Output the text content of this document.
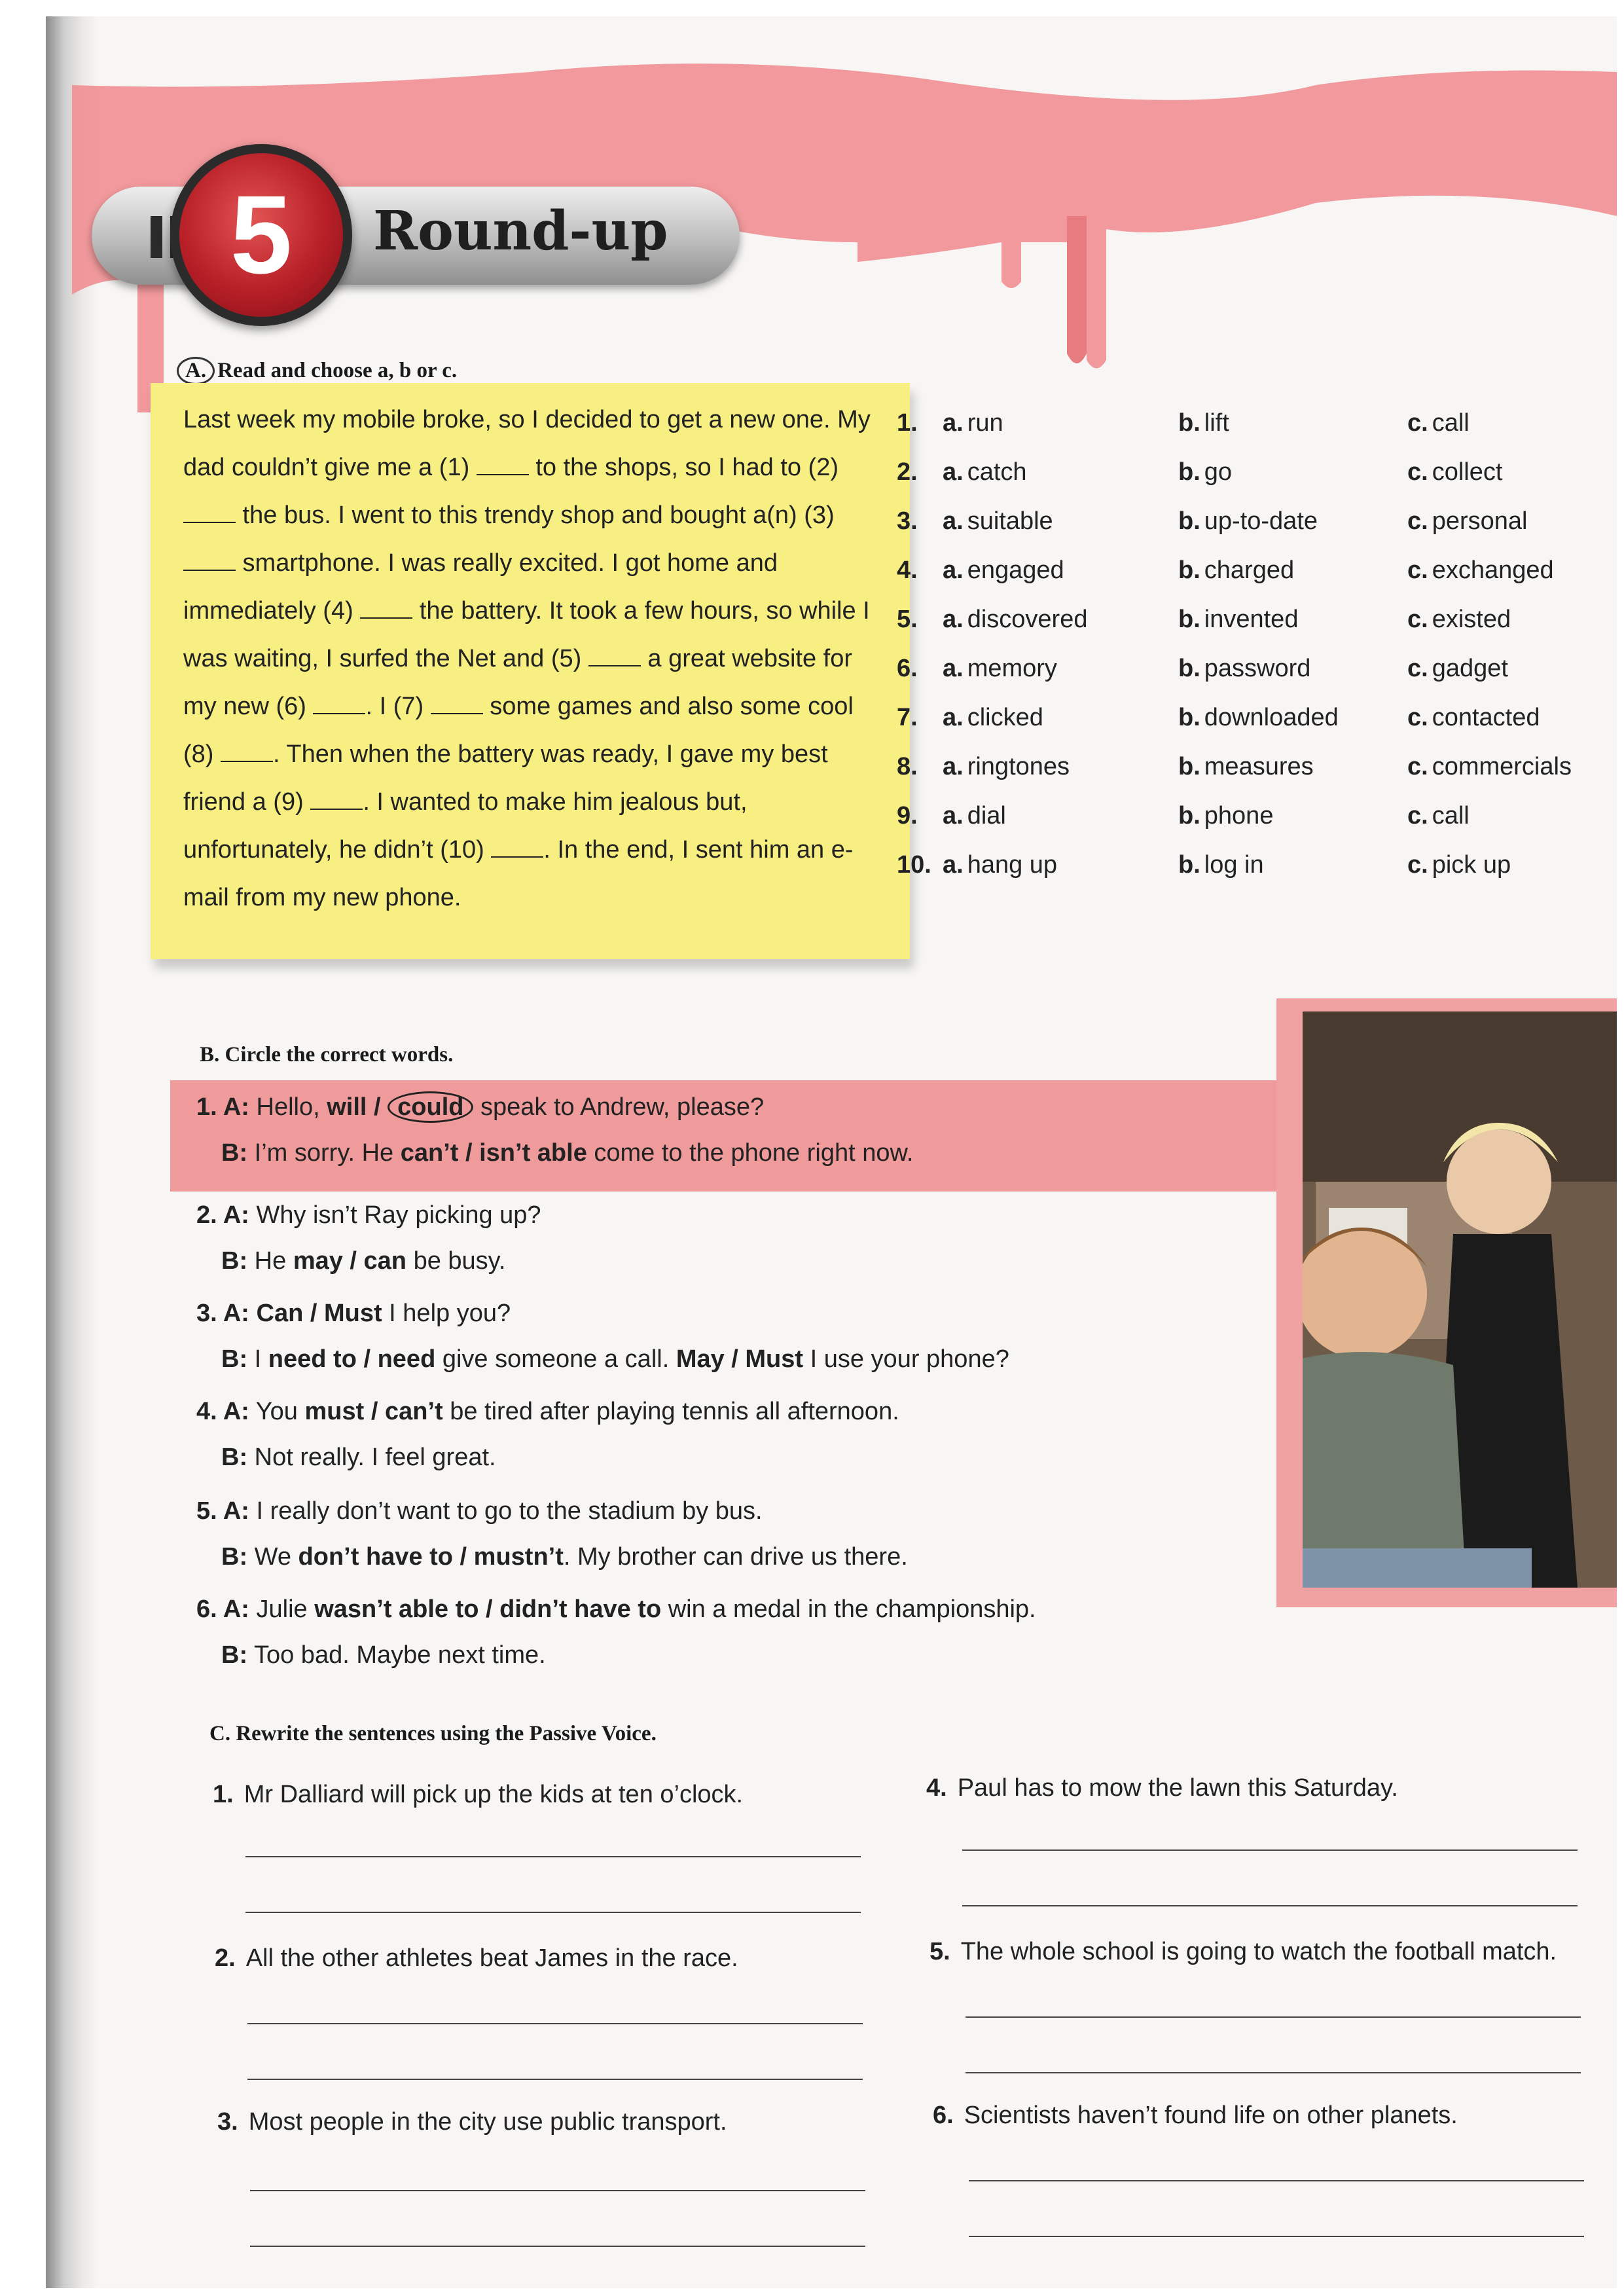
5	Round-up
A. Read and choose a, b or c.

Last week my mobile broke, so I decided to get a new one. My dad couldn’t give me a (1)  to the shops, so I had to (2)  the bus. I went to this trendy shop and bought a(n) (3)  smartphone. I was really excited. I got home and immediately (4)  the battery. It took a few hours, so while I was waiting, I surfed the Net and (5)  a great website for my new (6) . I (7)  some games and also some cool (8) . Then when the battery was ready, I gave my best friend a (9) . I wanted to make him jealous but, unfortunately, he didn’t (10) . In the end, I sent him an e-mail from my new phone.

1. a. run	b. lift	c. call
2. a. catch	b. go	c. collect
3. a. suitable	b. up-to-date	c. personal
4. a. engaged	b. charged	c. exchanged
5. a. discovered	b. invented	c. existed
6. a. memory	b. password	c. gadget
7. a. clicked	b. downloaded	c. contacted
8. a. ringtones	b. measures	c. commercials
9. a. dial	b. phone	c. call
10. a. hang up	b. log in	c. pick up
B. Circle the correct words.
1. A: Hello, will / could speak to Andrew, please?
B: I’m sorry. He can’t / isn’t able come to the phone right now.
2. A: Why isn’t Ray picking up?
B: He may / can be busy.
3. A: Can / Must I help you?
B: I need to / need give someone a call. May / Must I use your phone?
4. A: You must / can’t be tired after playing tennis all afternoon.
B: Not really. I feel great.
5. A: I really don’t want to go to the stadium by bus.
B: We don’t have to / mustn’t. My brother can drive us there.
6. A: Julie wasn’t able to / didn’t have to win a medal in the championship.
B: Too bad. Maybe next time.
C. Rewrite the sentences using the Passive Voice.
1. Mr Dalliard will pick up the kids at ten o’clock.
2. All the other athletes beat James in the race.
3. Most people in the city use public transport.
4. Paul has to mow the lawn this Saturday.
5. The whole school is going to watch the football match.
6. Scientists haven’t found life on other planets.
